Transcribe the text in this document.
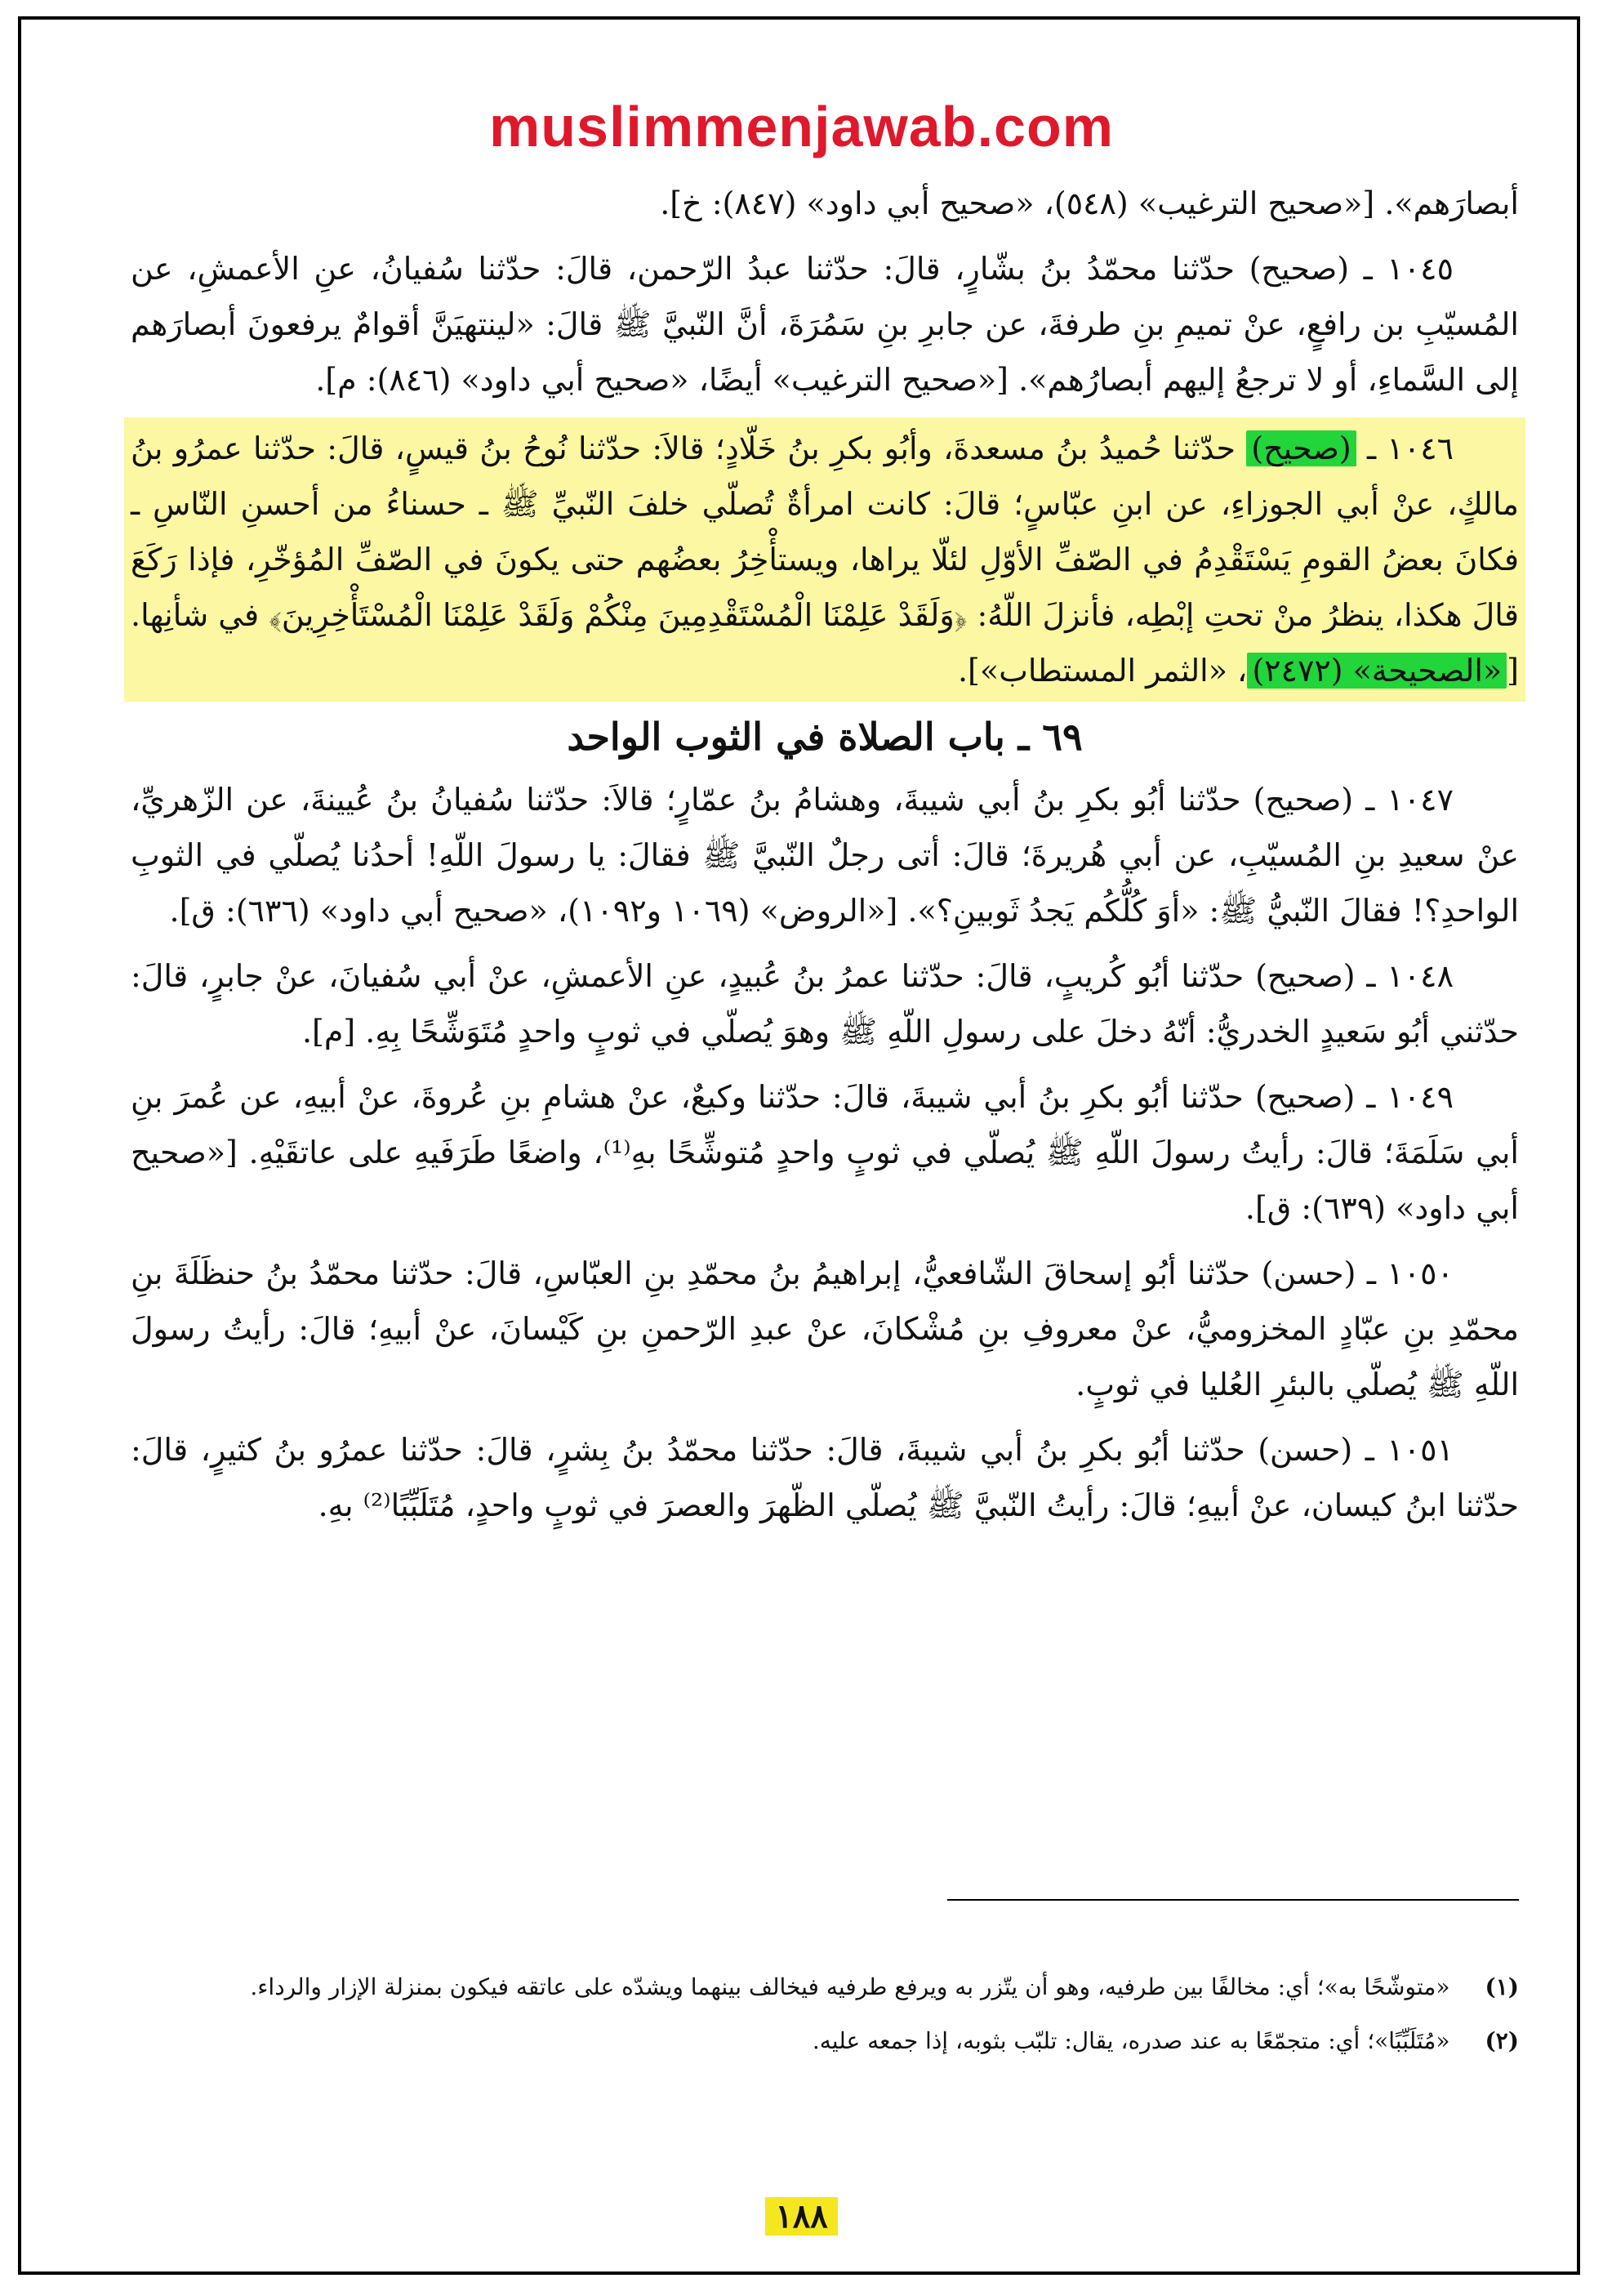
muslimmenjawab.com

أبصارَهم». [«صحيح الترغيب» (٥٤٨)، «صحيح أبي داود» (٨٤٧): خ].

١٠٤٥ ـ (صحيح) حدّثنا محمّدُ بنُ بشّارٍ، قالَ: حدّثنا عبدُ الرّحمن، قالَ: حدّثنا سُفيانُ، عنِ الأعمشِ، عن المُسيّبِ بن رافعٍ، عنْ تميمِ بنِ طرفةَ، عن جابرِ بنِ سَمُرَةَ، أنَّ النّبيَّ ﷺ قالَ: «لينتهيَنَّ أقوامٌ يرفعونَ أبصارَهم إلى السَّماءِ، أو لا ترجعُ إليهم أبصارُهم». [«صحيح الترغيب» أيضًا، «صحيح أبي داود» (٨٤٦): م].

١٠٤٦ ـ (صحيح) حدّثنا حُميدُ بنُ مسعدةَ، وأبُو بكرِ بنُ خَلّادٍ؛ قالاَ: حدّثنا نُوحُ بنُ قيسٍ، قالَ: حدّثنا عمرُو بنُ مالكٍ، عنْ أبي الجوزاءِ، عن ابنِ عبّاسٍ؛ قالَ: كانت امرأةٌ تُصلّي خلفَ النّبيِّ ﷺ ـ حسناءُ من أحسنِ النّاسِ ـ فكانَ بعضُ القومِ يَسْتَقْدِمُ في الصّفِّ الأوّلِ لئلّا يراها، ويستأْخِرُ بعضُهم حتى يكونَ في الصّفِّ المُؤخّرِ، فإذا رَكَعَ قالَ هكذا، ينظرُ منْ تحتِ إبْطِه، فأنزلَ اللّهُ: ﴿وَلَقَدْ عَلِمْنَا الْمُسْتَقْدِمِينَ مِنْكُمْ وَلَقَدْ عَلِمْنَا الْمُسْتَأْخِرِينَ﴾ في شأنِها. [«الصحيحة» (٢٤٧٢)، «الثمر المستطاب»].

٦٩ ـ باب الصلاة في الثوب الواحد

١٠٤٧ ـ (صحيح) حدّثنا أبُو بكرِ بنُ أبي شيبةَ، وهشامُ بنُ عمّارٍ؛ قالاَ: حدّثنا سُفيانُ بنُ عُيينةَ، عن الزّهريِّ، عنْ سعيدِ بنِ المُسيّبِ، عن أبي هُريرةَ؛ قالَ: أتى رجلٌ النّبيَّ ﷺ فقالَ: يا رسولَ اللّهِ! أحدُنا يُصلّي في الثوبِ الواحدِ؟! فقالَ النّبيُّ ﷺ: «أوَ كُلُّكُم يَجدُ ثَوبينِ؟». [«الروض» (١٠٦٩ و١٠٩٢)، «صحيح أبي داود» (٦٣٦): ق].

١٠٤٨ ـ (صحيح) حدّثنا أبُو كُريبٍ، قالَ: حدّثنا عمرُ بنُ عُبيدٍ، عنِ الأعمشِ، عنْ أبي سُفيانَ، عنْ جابرٍ، قالَ: حدّثني أبُو سَعيدٍ الخدريُّ: أنّهُ دخلَ على رسولِ اللّهِ ﷺ وهوَ يُصلّي في ثوبٍ واحدٍ مُتَوَشِّحًا بِهِ. [م].

١٠٤٩ ـ (صحيح) حدّثنا أبُو بكرِ بنُ أبي شيبةَ، قالَ: حدّثنا وكيعٌ، عنْ هشامِ بنِ عُروةَ، عنْ أبيهِ، عن عُمرَ بنِ أبي سَلَمَةَ؛ قالَ: رأيتُ رسولَ اللّهِ ﷺ يُصلّي في ثوبٍ واحدٍ مُتوشِّحًا بهِ⁽¹⁾، واضعًا طَرَفَيهِ على عاتقَيْهِ. [«صحيح أبي داود» (٦٣٩): ق].

١٠٥٠ ـ (حسن) حدّثنا أبُو إسحاقَ الشّافعيُّ، إبراهيمُ بنُ محمّدِ بنِ العبّاسِ، قالَ: حدّثنا محمّدُ بنُ حنظَلَةَ بنِ محمّدِ بنِ عبّادٍ المخزوميُّ، عنْ معروفِ بنِ مُشْكانَ، عنْ عبدِ الرّحمنِ بنِ كَيْسانَ، عنْ أبيهِ؛ قالَ: رأيتُ رسولَ اللّهِ ﷺ يُصلّي بالبئرِ العُليا في ثوبٍ.

١٠٥١ ـ (حسن) حدّثنا أبُو بكرِ بنُ أبي شيبةَ، قالَ: حدّثنا محمّدُ بنُ بِشرٍ، قالَ: حدّثنا عمرُو بنُ كثيرٍ، قالَ: حدّثنا ابنُ كيسان، عنْ أبيهِ؛ قالَ: رأيتُ النّبيَّ ﷺ يُصلّي الظّهرَ والعصرَ في ثوبٍ واحدٍ، مُتَلَبِّبًا⁽²⁾ بهِ.

(١) «متوشّحًا به»؛ أي: مخالفًا بين طرفيه، وهو أن يتّزر به ويرفع طرفيه فيخالف بينهما ويشدّه على عاتقه فيكون بمنزلة الإزار والرداء.

(٢) «مُتَلَبِّبًا»؛ أي: متجمّعًا به عند صدره، يقال: تلبّب بثوبه، إذا جمعه عليه.

١٨٨
